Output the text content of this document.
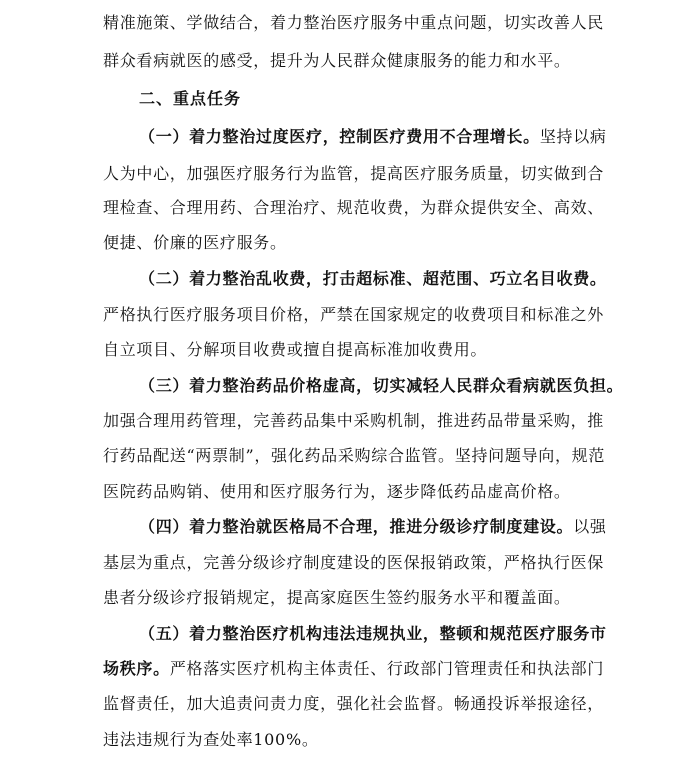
精准施策、学做结合，着力整治医疗服务中重点问题，切实改善人民
群众看病就医的感受，提升为人民群众健康服务的能力和水平。
二、重点任务
（一）着力整治过度医疗，控制医疗费用不合理增长。坚持以病
人为中心，加强医疗服务行为监管，提高医疗服务质量，切实做到合
理检查、合理用药、合理治疗、规范收费，为群众提供安全、高效、
便捷、价廉的医疗服务。
（二）着力整治乱收费，打击超标准、超范围、巧立名目收费。
严格执行医疗服务项目价格，严禁在国家规定的收费项目和标准之外
自立项目、分解项目收费或擅自提高标准加收费用。
（三）着力整治药品价格虚高，切实减轻人民群众看病就医负担。
加强合理用药管理，完善药品集中采购机制，推进药品带量采购，推
行药品配送“两票制”，强化药品采购综合监管。坚持问题导向，规范
医院药品购销、使用和医疗服务行为，逐步降低药品虚高价格。
（四）着力整治就医格局不合理，推进分级诊疗制度建设。以强
基层为重点，完善分级诊疗制度建设的医保报销政策，严格执行医保
患者分级诊疗报销规定，提高家庭医生签约服务水平和覆盖面。
（五）着力整治医疗机构违法违规执业，整顿和规范医疗服务市
场秩序。严格落实医疗机构主体责任、行政部门管理责任和执法部门
监督责任，加大追责问责力度，强化社会监督。畅通投诉举报途径，
违法违规行为查处率100%。
